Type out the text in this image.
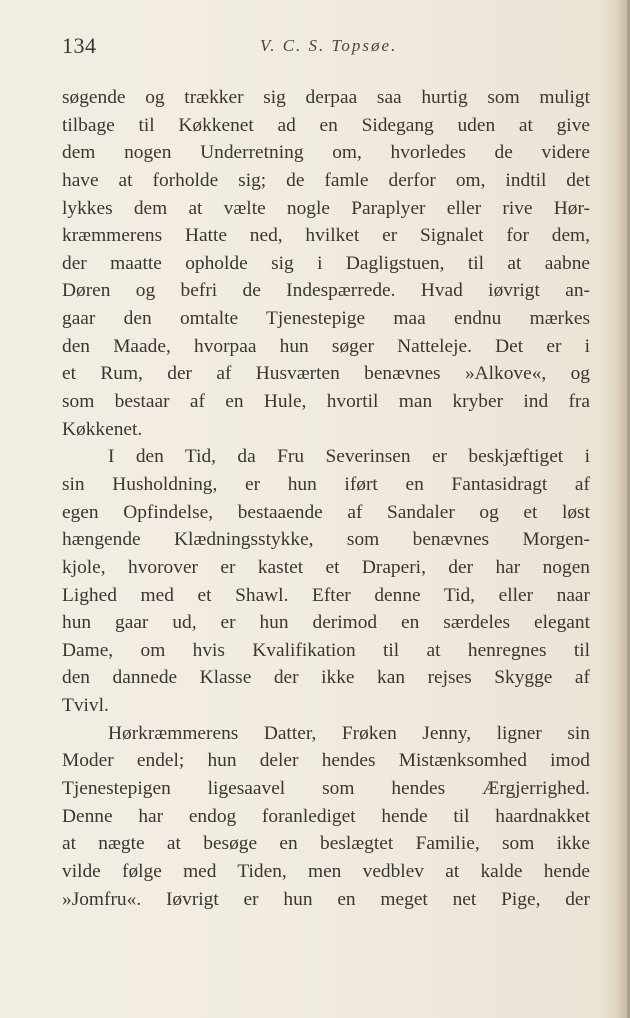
134	V. C. S. Topsøe.
søgende og trækker sig derpaa saa hurtig som muligt
tilbage til Køkkenet ad en Sidegang uden at give
dem nogen Underretning om, hvorledes de videre
have at forholde sig; de famle derfor om, indtil det
lykkes dem at vælte nogle Paraplyer eller rive Hør-
kræmmerens Hatte ned, hvilket er Signalet for dem,
der maatte opholde sig i Dagligstuen, til at aabne
Døren og befri de Indespærrede. Hvad iøvrigt an-
gaar den omtalte Tjenestepige maa endnu mærkes
den Maade, hvorpaa hun søger Natteleje. Det er i
et Rum, der af Husværten benævnes »Alkove«, og
som bestaar af en Hule, hvortil man kryber ind fra
Køkkenet.
I den Tid, da Fru Severinsen er beskjæftiget i
sin Husholdning, er hun iført en Fantasidragt af
egen Opfindelse, bestaaende af Sandaler og et løst
hængende Klædningsstykke, som benævnes Morgen-
kjole, hvorover er kastet et Draperi, der har nogen
Lighed med et Shawl. Efter denne Tid, eller naar
hun gaar ud, er hun derimod en særdeles elegant
Dame, om hvis Kvalifikation til at henregnes til
den dannede Klasse der ikke kan rejses Skygge af
Tvivl.
Hørkræmmerens Datter, Frøken Jenny, ligner sin
Moder endel; hun deler hendes Mistænksomhed imod
Tjenestepigen ligesaavel som hendes Ærgjerrighed.
Denne har endog foranlediget hende til haardnakket
at nægte at besøge en beslægtet Familie, som ikke
vilde følge med Tiden, men vedblev at kalde hende
»Jomfru«. Iøvrigt er hun en meget net Pige, der
